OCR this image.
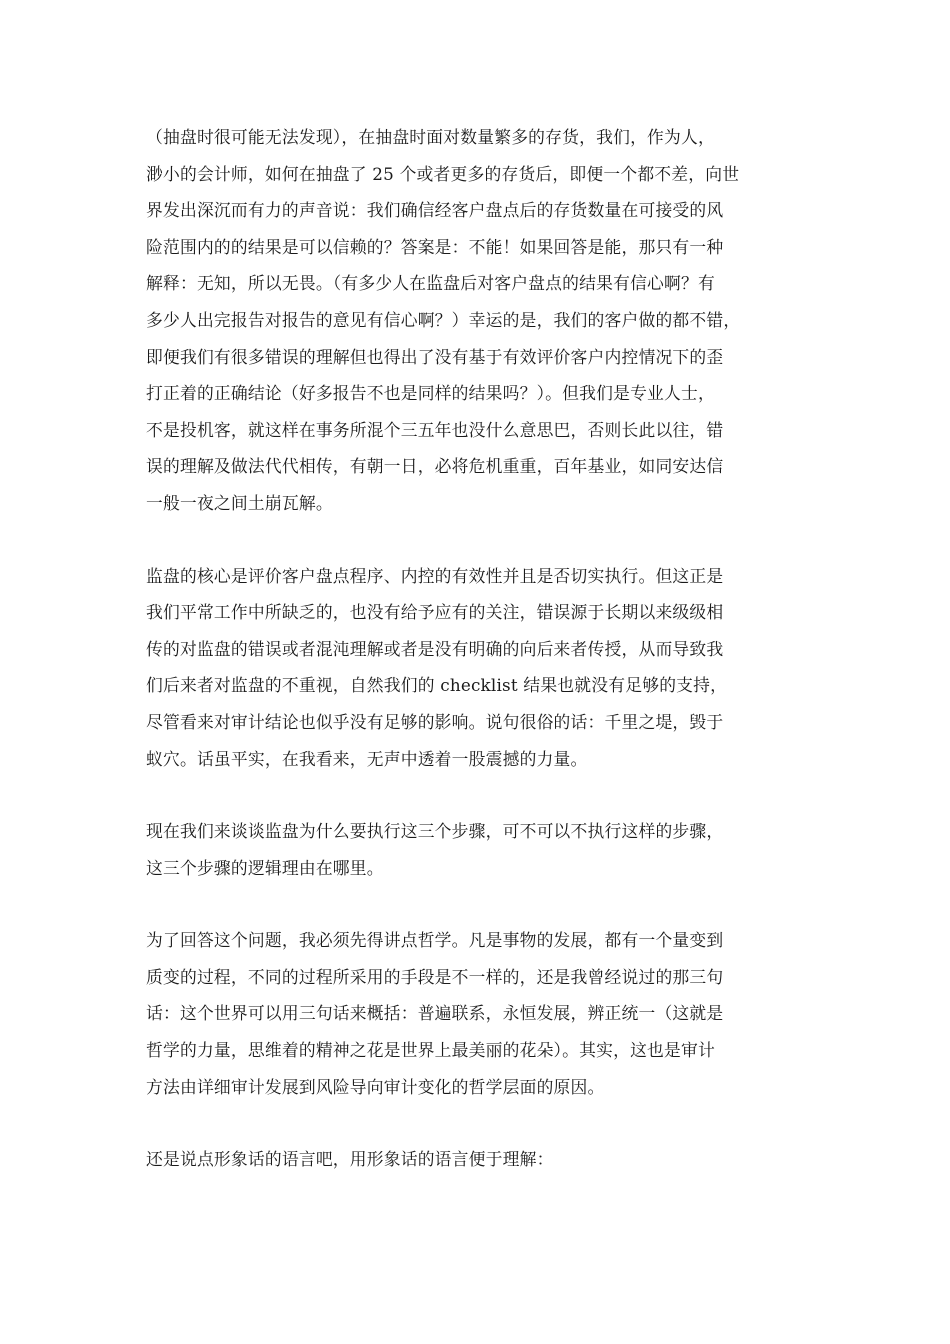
（抽盘时很可能无法发现），在抽盘时面对数量繁多的存货，我们，作为人，
渺小的会计师，如何在抽盘了 25 个或者更多的存货后，即便一个都不差，向世
界发出深沉而有力的声音说：我们确信经客户盘点后的存货数量在可接受的风
险范围内的的结果是可以信赖的？答案是：不能！如果回答是能，那只有一种
解释：无知，所以无畏。（有多少人在监盘后对客户盘点的结果有信心啊？有
多少人出完报告对报告的意见有信心啊？）幸运的是，我们的客户做的都不错，
即便我们有很多错误的理解但也得出了没有基于有效评价客户内控情况下的歪
打正着的正确结论（好多报告不也是同样的结果吗？）。但我们是专业人士，
不是投机客，就这样在事务所混个三五年也没什么意思巴，否则长此以往，错
误的理解及做法代代相传，有朝一日，必将危机重重，百年基业，如同安达信
一般一夜之间土崩瓦解。
监盘的核心是评价客户盘点程序、内控的有效性并且是否切实执行。但这正是
我们平常工作中所缺乏的，也没有给予应有的关注，错误源于长期以来级级相
传的对监盘的错误或者混沌理解或者是没有明确的向后来者传授，从而导致我
们后来者对监盘的不重视，自然我们的 checklist 结果也就没有足够的支持，
尽管看来对审计结论也似乎没有足够的影响。说句很俗的话：千里之堤，毁于
蚁穴。话虽平实，在我看来，无声中透着一股震撼的力量。
现在我们来谈谈监盘为什么要执行这三个步骤，可不可以不执行这样的步骤，
这三个步骤的逻辑理由在哪里。
为了回答这个问题，我必须先得讲点哲学。凡是事物的发展，都有一个量变到
质变的过程，不同的过程所采用的手段是不一样的，还是我曾经说过的那三句
话：这个世界可以用三句话来概括：普遍联系，永恒发展，辨正统一（这就是
哲学的力量，思维着的精神之花是世界上最美丽的花朵）。其实，这也是审计
方法由详细审计发展到风险导向审计变化的哲学层面的原因。
还是说点形象话的语言吧，用形象话的语言便于理解：
